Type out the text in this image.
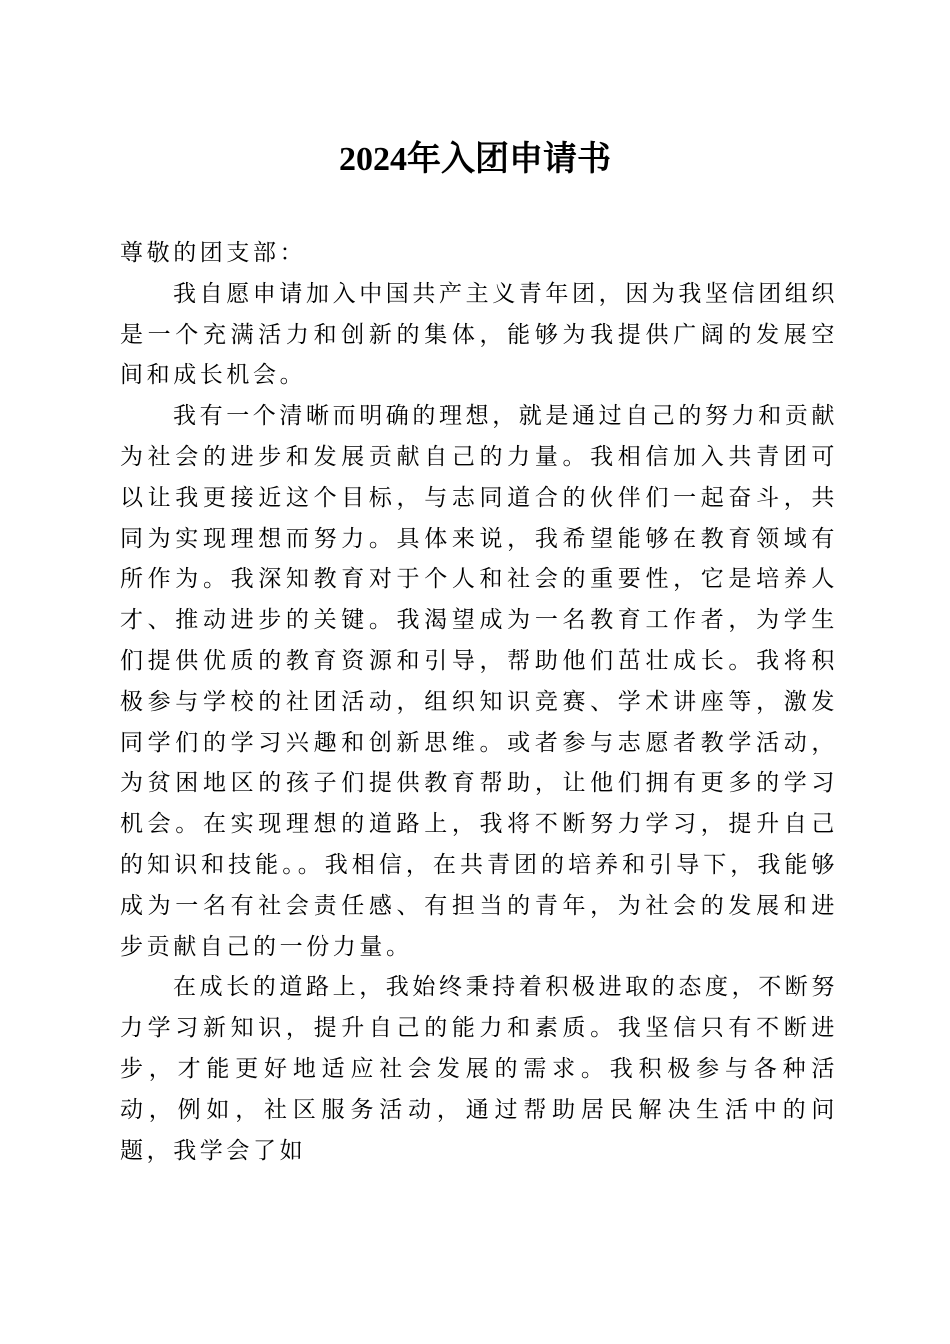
2024年入团申请书

尊敬的团支部：

我自愿申请加入中国共产主义青年团，因为我坚信团组织是一个充满活力和创新的集体，能够为我提供广阔的发展空间和成长机会。

我有一个清晰而明确的理想，就是通过自己的努力和贡献为社会的进步和发展贡献自己的力量。我相信加入共青团可以让我更接近这个目标，与志同道合的伙伴们一起奋斗，共同为实现理想而努力。具体来说，我希望能够在教育领域有所作为。我深知教育对于个人和社会的重要性，它是培养人才、推动进步的关键。我渴望成为一名教育工作者，为学生们提供优质的教育资源和引导，帮助他们茁壮成长。我将积极参与学校的社团活动，组织知识竞赛、学术讲座等，激发同学们的学习兴趣和创新思维。或者参与志愿者教学活动，为贫困地区的孩子们提供教育帮助，让他们拥有更多的学习机会。在实现理想的道路上，我将不断努力学习，提升自己的知识和技能。。我相信，在共青团的培养和引导下，我能够成为一名有社会责任感、有担当的青年，为社会的发展和进步贡献自己的一份力量。

在成长的道路上，我始终秉持着积极进取的态度，不断努力学习新知识，提升自己的能力和素质。我坚信只有不断进步，才能更好地适应社会发展的需求。我积极参与各种活动，例如，社区服务活动，通过帮助居民解决生活中的问题，我学会了如
